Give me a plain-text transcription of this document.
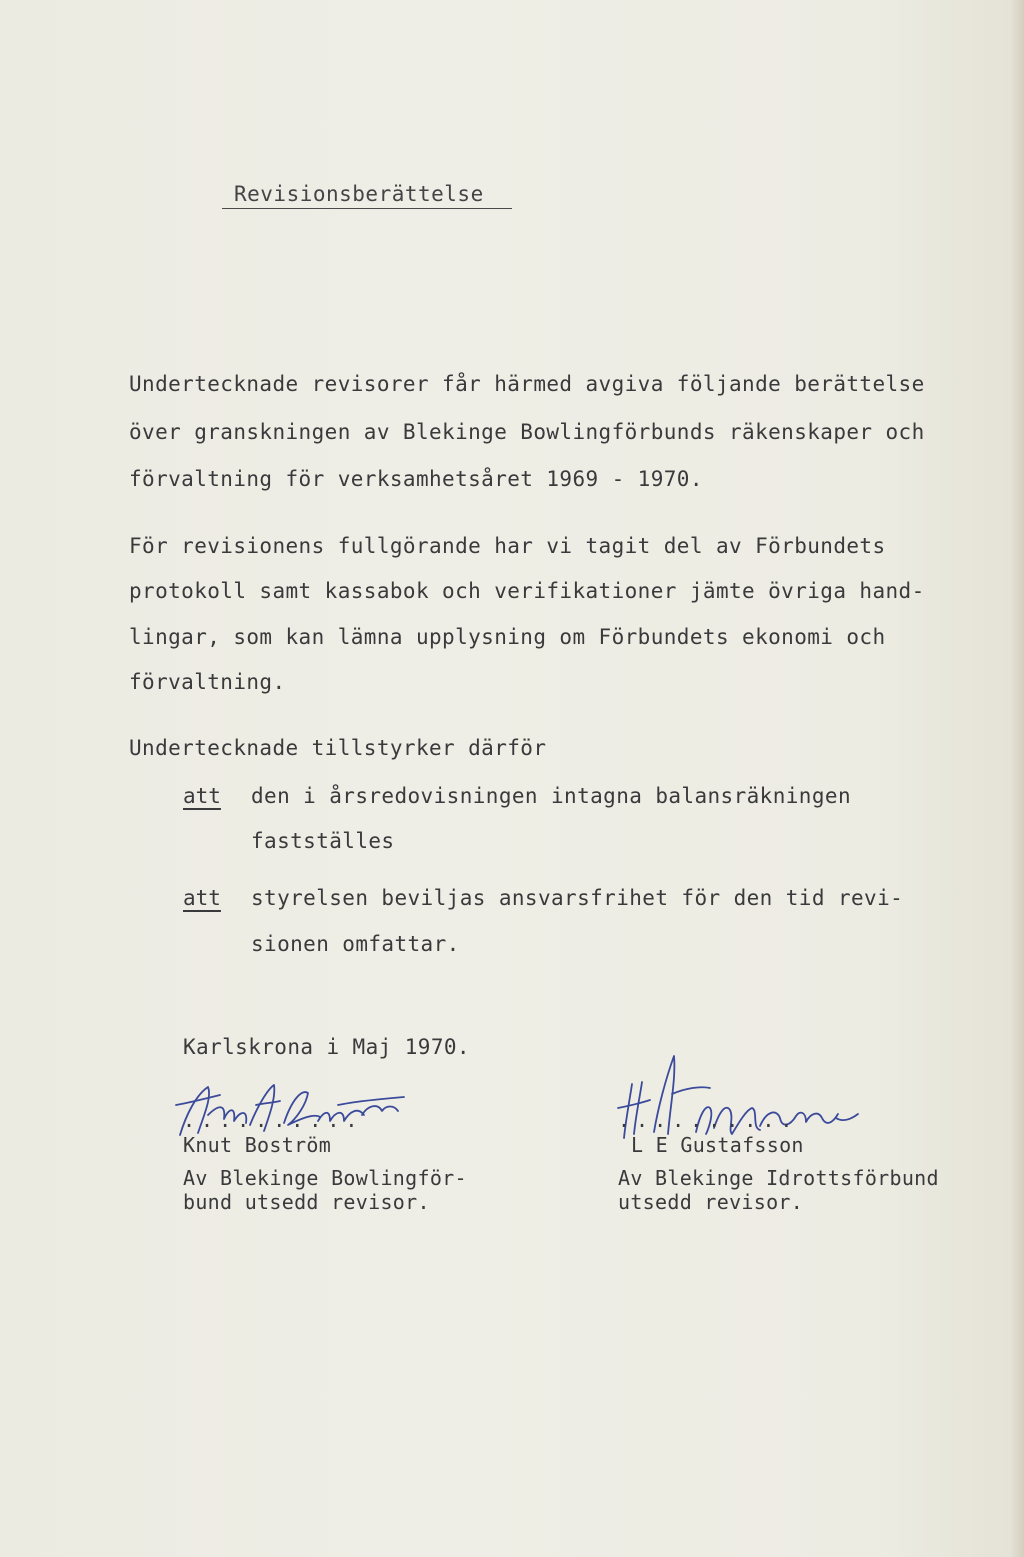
Revisionsberättelse
Undertecknade revisorer får härmed avgiva följande berättelse
över granskningen av Blekinge Bowlingförbunds räkenskaper och
förvaltning för verksamhetsåret 1969 - 1970.
För revisionens fullgörande har vi tagit del av Förbundets
protokoll samt kassabok och verifikationer jämte övriga hand-
lingar, som kan lämna upplysning om Förbundets ekonomi och
förvaltning.
Undertecknade tillstyrker därför
att den i årsredovisningen intagna balansräkningen
fastställes
att styrelsen beviljas ansvarsfrihet för den tid revi-
sionen omfattar.
Karlskrona i Maj 1970.
..........	..........
Knut Boström
Av Blekinge Bowlingför-
bund utsedd revisor.
L E Gustafsson
Av Blekinge Idrottsförbund
utsedd revisor.
